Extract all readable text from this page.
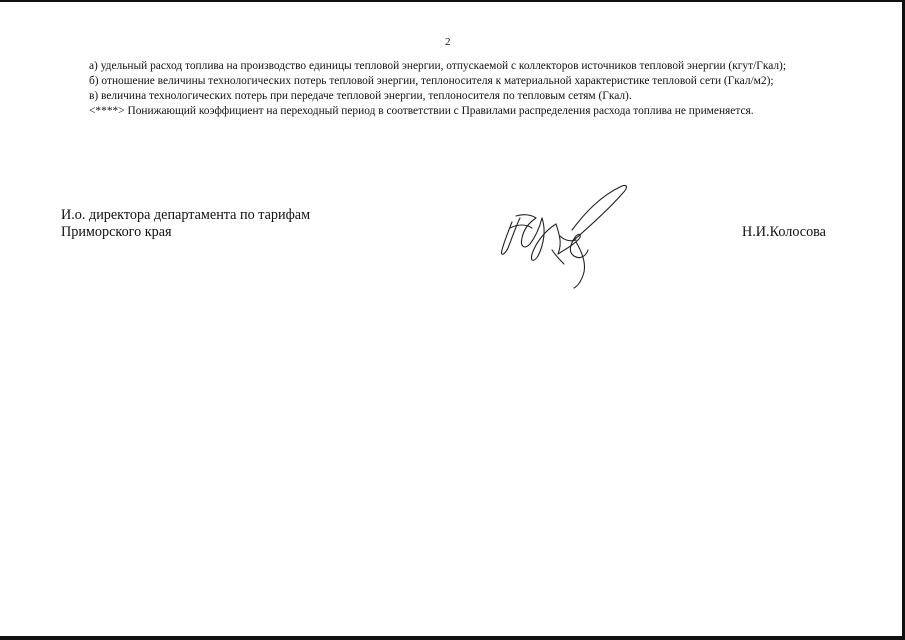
2

а) удельный расход топлива на производство единицы тепловой энергии, отпускаемой с коллекторов источников тепловой энергии (кгут/Гкал);

б) отношение величины технологических потерь тепловой энергии, теплоносителя к материальной характеристике тепловой сети (Гкал/м2);

в) величина технологических потерь при передаче тепловой энергии, теплоносителя по тепловым сетям (Гкал).

<****> Понижающий коэффициент на переходный период в соответствии с Правилами распределения расхода топлива не применяется.

И.о. директора департамента по тарифам
Приморского края	Н.И.Колосова
